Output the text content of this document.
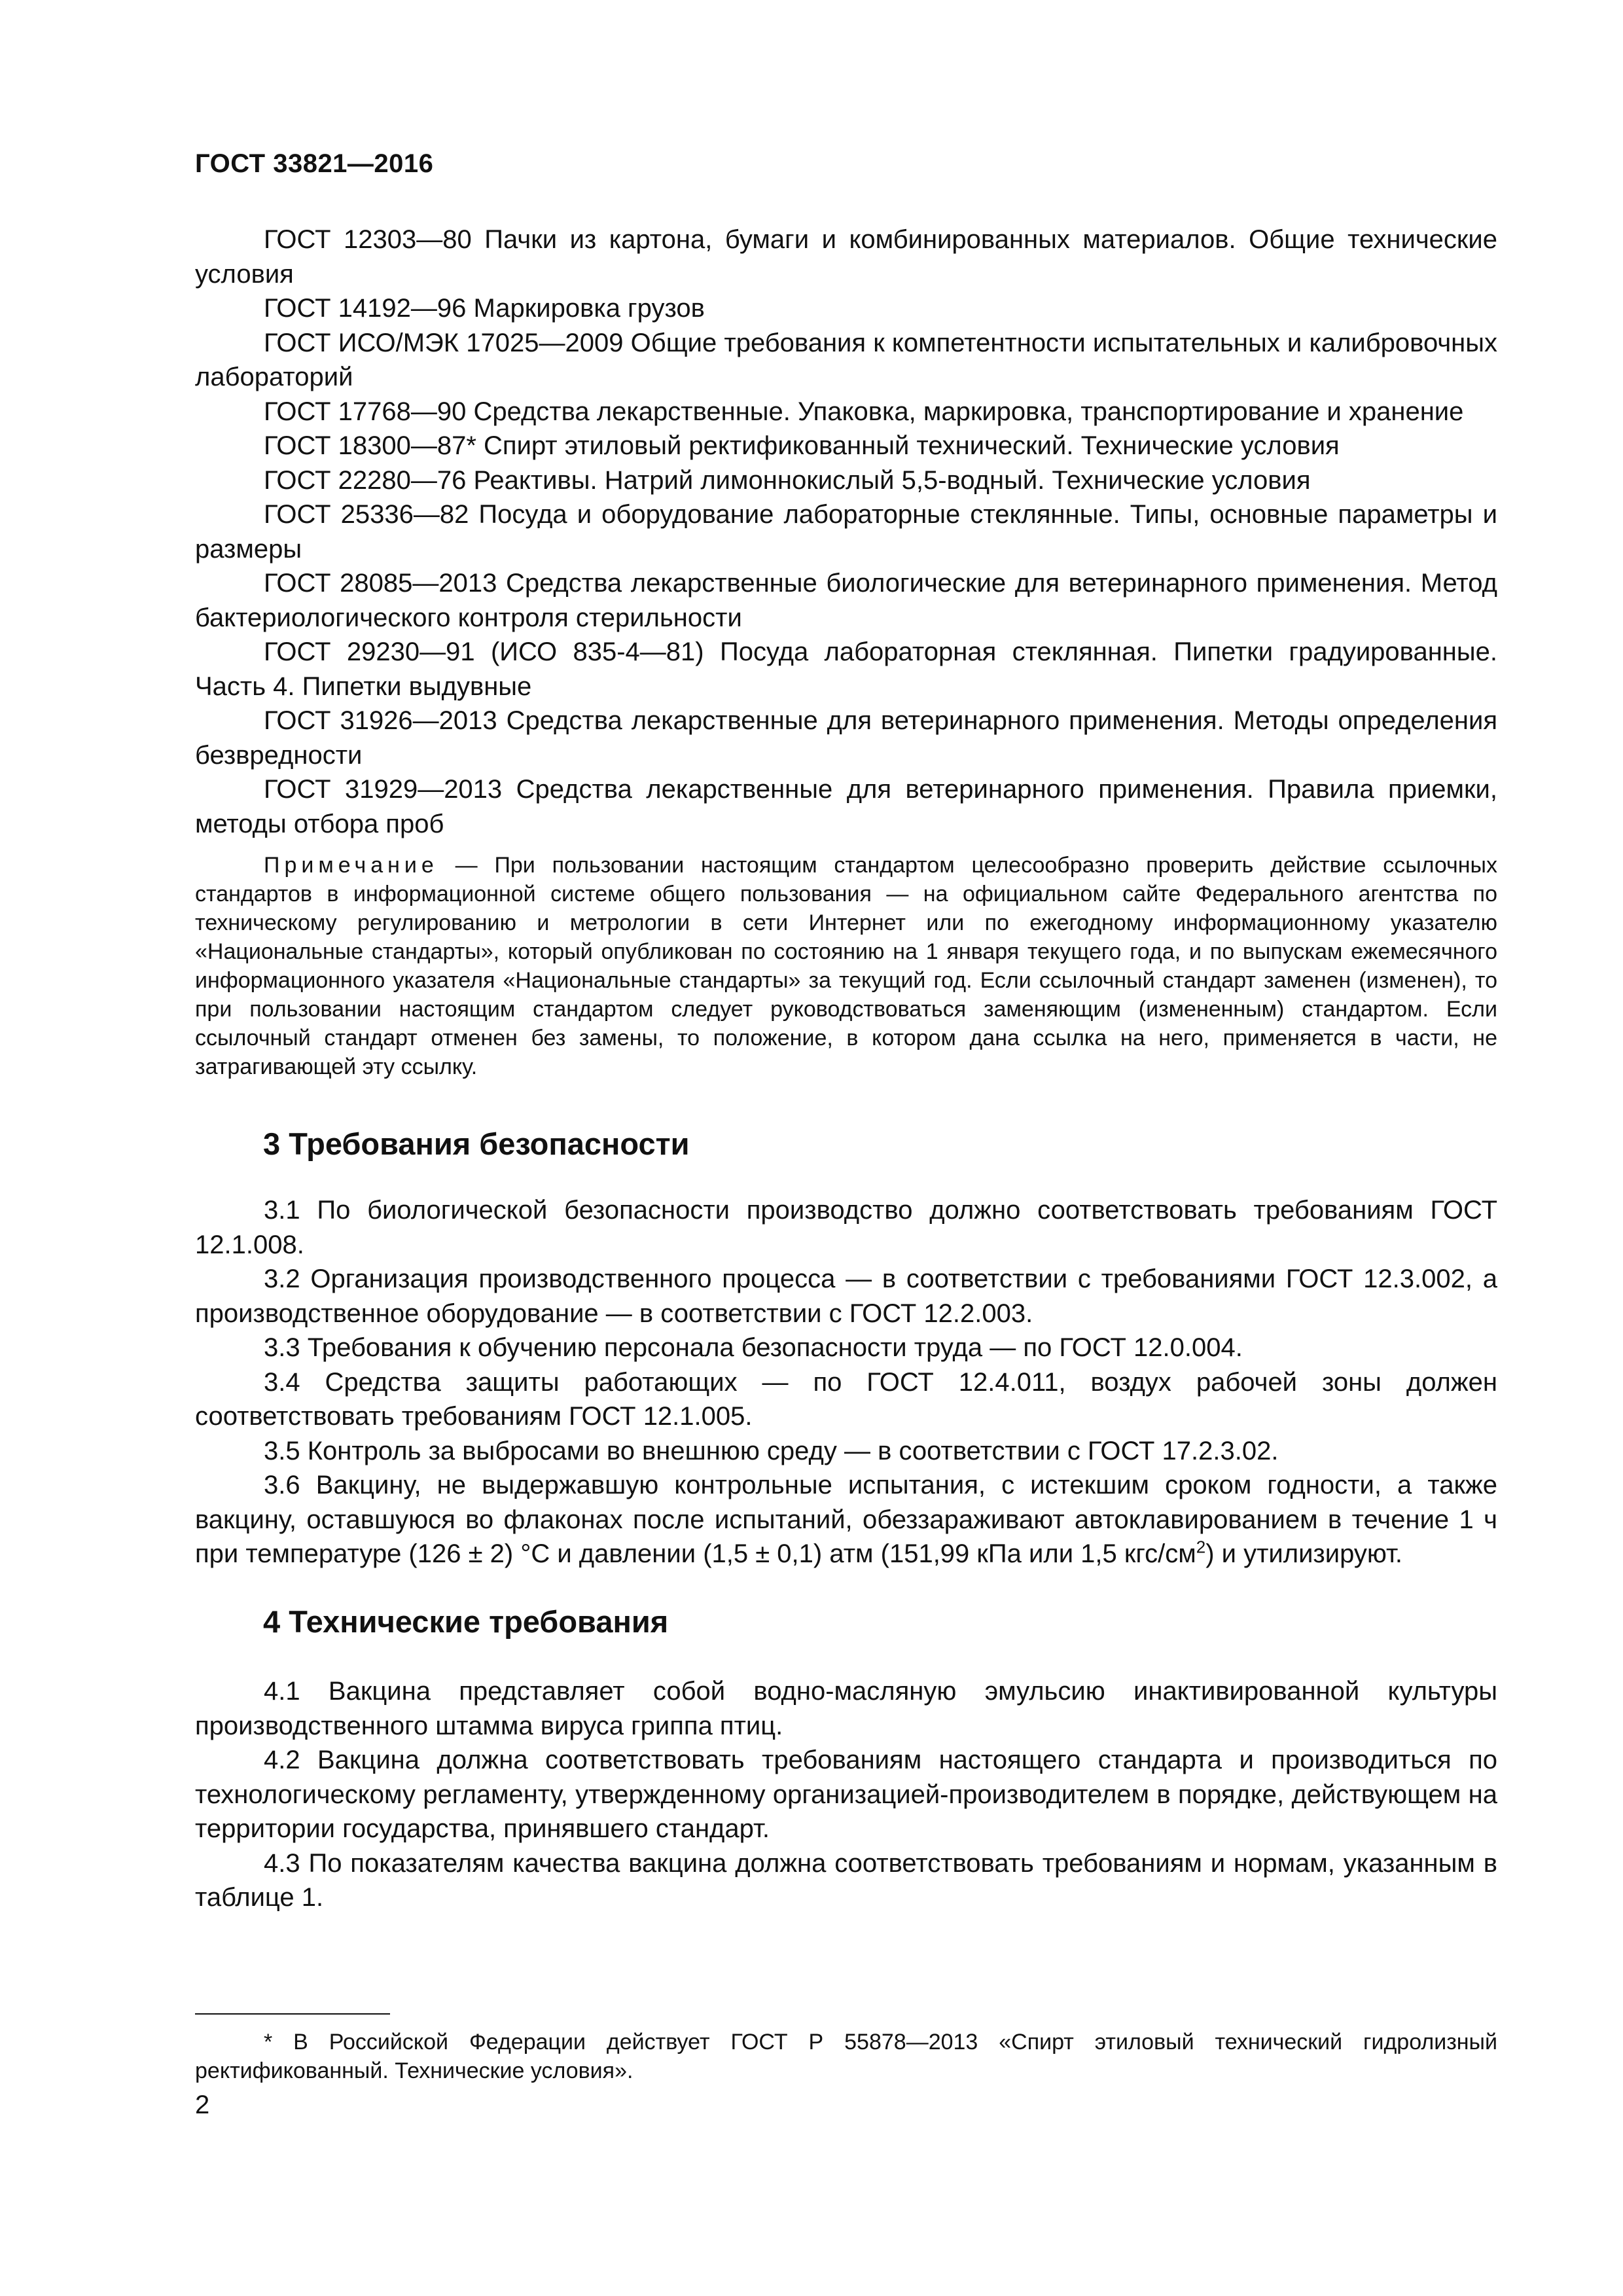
ГОСТ 33821—2016

ГОСТ 12303—80 Пачки из картона, бумаги и комбинированных материалов. Общие технические условия

ГОСТ 14192—96 Маркировка грузов

ГОСТ ИСО/МЭК 17025—2009 Общие требования к компетентности испытательных и калибровочных лабораторий

ГОСТ 17768—90 Средства лекарственные. Упаковка, маркировка, транспортирование и хранение

ГОСТ 18300—87* Спирт этиловый ректификованный технический. Технические условия

ГОСТ 22280—76 Реактивы. Натрий лимоннокислый 5,5-водный. Технические условия

ГОСТ 25336—82 Посуда и оборудование лабораторные стеклянные. Типы, основные параметры и размеры

ГОСТ 28085—2013 Средства лекарственные биологические для ветеринарного применения. Метод бактериологического контроля стерильности

ГОСТ 29230—91 (ИСО 835-4—81) Посуда лабораторная стеклянная. Пипетки градуированные. Часть 4. Пипетки выдувные

ГОСТ 31926—2013 Средства лекарственные для ветеринарного применения. Методы определения безвредности

ГОСТ 31929—2013 Средства лекарственные для ветеринарного применения. Правила приемки, методы отбора проб

Примечание — При пользовании настоящим стандартом целесообразно проверить действие ссылочных стандартов в информационной системе общего пользования — на официальном сайте Федерального агентства по техническому регулированию и метрологии в сети Интернет или по ежегодному информационному указателю «Национальные стандарты», который опубликован по состоянию на 1 января текущего года, и по выпускам ежемесячного информационного указателя «Национальные стандарты» за текущий год. Если ссылочный стандарт заменен (изменен), то при пользовании настоящим стандартом следует руководствоваться заменяющим (измененным) стандартом. Если ссылочный стандарт отменен без замены, то положение, в котором дана ссылка на него, применяется в части, не затрагивающей эту ссылку.

3 Требования безопасности

3.1 По биологической безопасности производство должно соответствовать требованиям ГОСТ 12.1.008.

3.2 Организация производственного процесса — в соответствии с требованиями ГОСТ 12.3.002, а производственное оборудование — в соответствии с ГОСТ 12.2.003.

3.3 Требования к обучению персонала безопасности труда — по ГОСТ 12.0.004.

3.4 Средства защиты работающих — по ГОСТ 12.4.011, воздух рабочей зоны должен соответствовать требованиям ГОСТ 12.1.005.

3.5 Контроль за выбросами во внешнюю среду — в соответствии с ГОСТ 17.2.3.02.

3.6 Вакцину, не выдержавшую контрольные испытания, с истекшим сроком годности, а также вакцину, оставшуюся во флаконах после испытаний, обеззараживают автоклавированием в течение 1 ч при температуре (126 ± 2) °С и давлении (1,5 ± 0,1) атм (151,99 кПа или 1,5 кгс/$см^2$) и утилизируют.

4 Технические требования

4.1 Вакцина представляет собой водно-масляную эмульсию инактивированной культуры производственного штамма вируса гриппа птиц.

4.2 Вакцина должна соответствовать требованиям настоящего стандарта и производиться по технологическому регламенту, утвержденному организацией-производителем в порядке, действующем на территории государства, принявшего стандарт.

4.3 По показателям качества вакцина должна соответствовать требованиям и нормам, указанным в таблице 1.

* В Российской Федерации действует ГОСТ Р 55878—2013 «Спирт этиловый технический гидролизный ректификованный. Технические условия».

2
